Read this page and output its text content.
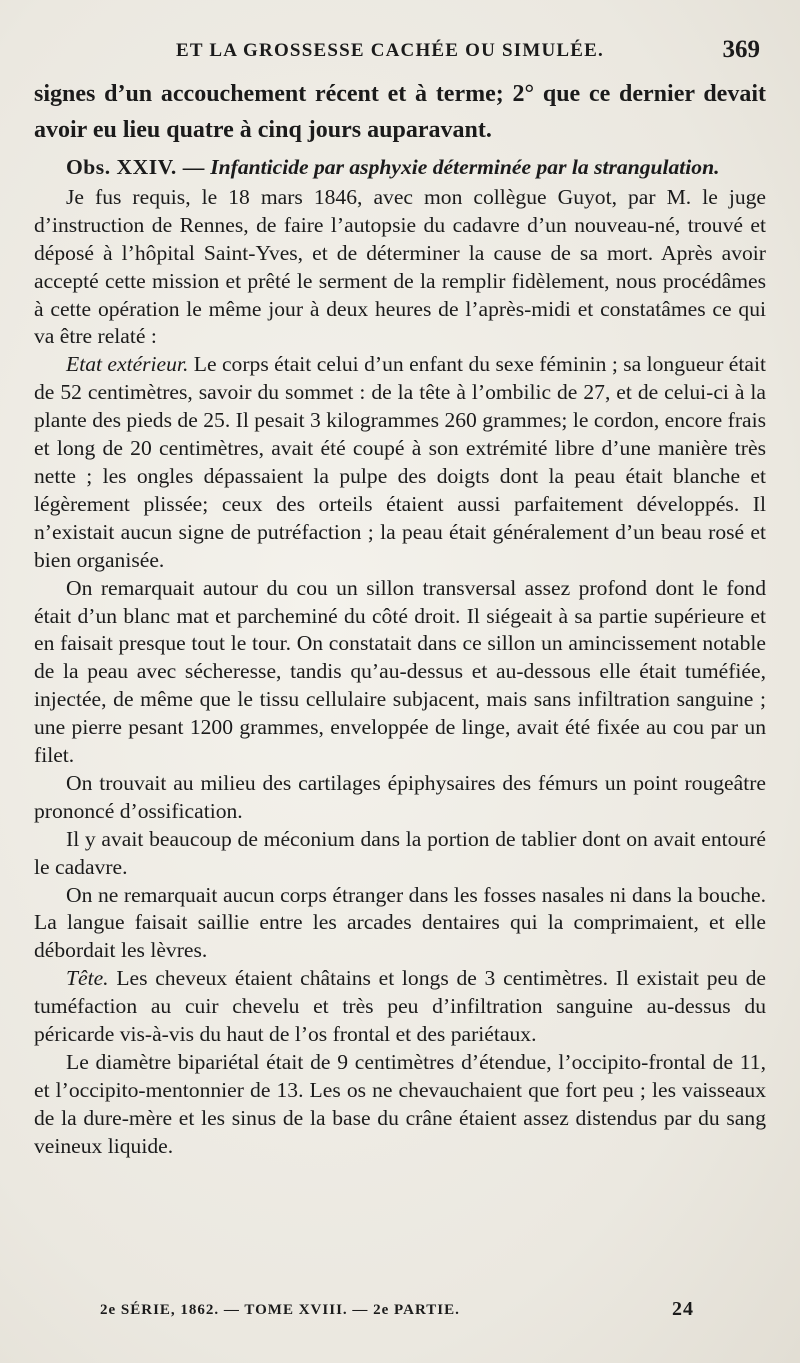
ET LA GROSSESSE CACHÉE OU SIMULÉE.	369

signes d’un accouchement récent et à terme; 2° que ce dernier devait avoir eu lieu quatre à cinq jours auparavant.

Obs. XXIV. — Infanticide par asphyxie déterminée par la strangulation.

Je fus requis, le 18 mars 1846, avec mon collègue Guyot, par M. le juge d’instruction de Rennes, de faire l’autopsie du cadavre d’un nouveau-né, trouvé et déposé à l’hôpital Saint-Yves, et de déterminer la cause de sa mort. Après avoir accepté cette mission et prêté le serment de la remplir fidèlement, nous procédâmes à cette opération le même jour à deux heures de l’après-midi et constatâmes ce qui va être relaté :

Etat extérieur. Le corps était celui d’un enfant du sexe féminin ; sa longueur était de 52 centimètres, savoir du sommet : de la tête à l’ombilic de 27, et de celui-ci à la plante des pieds de 25. Il pesait 3 kilogrammes 260 grammes; le cordon, encore frais et long de 20 centimètres, avait été coupé à son extrémité libre d’une manière très nette ; les ongles dépassaient la pulpe des doigts dont la peau était blanche et légèrement plissée; ceux des orteils étaient aussi parfaitement développés. Il n’existait aucun signe de putréfaction ; la peau était généralement d’un beau rosé et bien organisée.

On remarquait autour du cou un sillon transversal assez profond dont le fond était d’un blanc mat et parcheminé du côté droit. Il siégeait à sa partie supérieure et en faisait presque tout le tour. On constatait dans ce sillon un amincissement notable de la peau avec sécheresse, tandis qu’au-dessus et au-dessous elle était tuméfiée, injectée, de même que le tissu cellulaire subjacent, mais sans infiltration sanguine ; une pierre pesant 1200 grammes, enveloppée de linge, avait été fixée au cou par un filet.

On trouvait au milieu des cartilages épiphysaires des fémurs un point rougeâtre prononcé d’ossification.

Il y avait beaucoup de méconium dans la portion de tablier dont on avait entouré le cadavre.

On ne remarquait aucun corps étranger dans les fosses nasales ni dans la bouche. La langue faisait saillie entre les arcades dentaires qui la comprimaient, et elle débordait les lèvres.

Tête. Les cheveux étaient châtains et longs de 3 centimètres. Il existait peu de tuméfaction au cuir chevelu et très peu d’infiltration sanguine au-dessus du péricarde vis-à-vis du haut de l’os frontal et des pariétaux.

Le diamètre bipariétal était de 9 centimètres d’étendue, l’occipito-frontal de 11, et l’occipito-mentonnier de 13. Les os ne chevauchaient que fort peu ; les vaisseaux de la dure-mère et les sinus de la base du crâne étaient assez distendus par du sang veineux liquide.

2e SÉRIE, 1862. — TOME XVIII. — 2e PARTIE.	24
